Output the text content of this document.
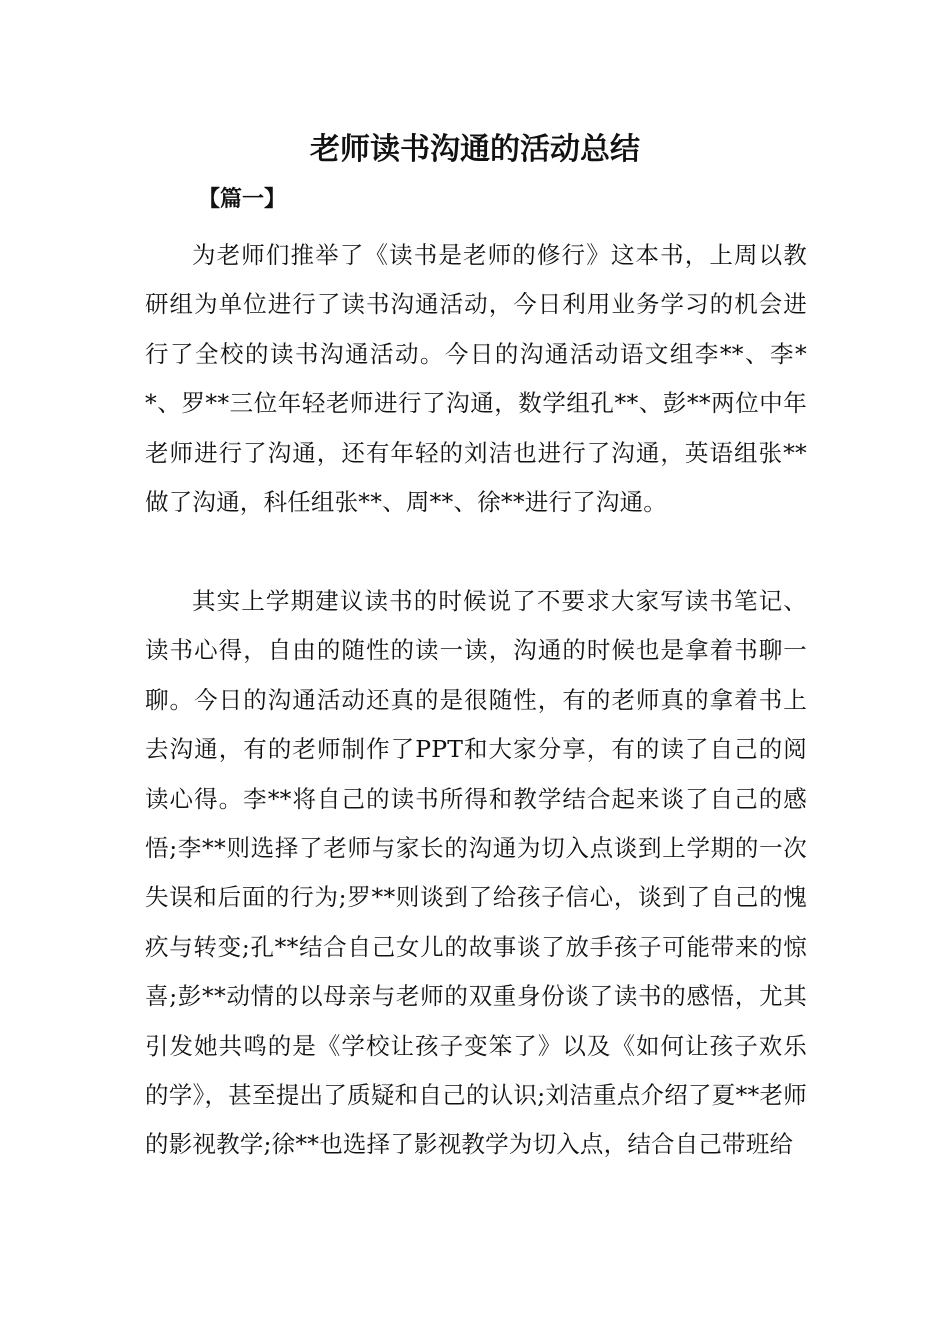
老师读书沟通的活动总结

【篇一】

为老师们推举了《读书是老师的修行》这本书，上周以教研组为单位进行了读书沟通活动，今日利用业务学习的机会进行了全校的读书沟通活动。今日的沟通活动语文组李**、李**、罗**三位年轻老师进行了沟通，数学组孔**、彭**两位中年老师进行了沟通，还有年轻的刘洁也进行了沟通，英语组张**做了沟通，科任组张**、周**、徐**进行了沟通。

其实上学期建议读书的时候说了不要求大家写读书笔记、读书心得，自由的随性的读一读，沟通的时候也是拿着书聊一聊。今日的沟通活动还真的是很随性，有的老师真的拿着书上去沟通，有的老师制作了PPT和大家分享，有的读了自己的阅读心得。李**将自己的读书所得和教学结合起来谈了自己的感悟;李**则选择了老师与家长的沟通为切入点谈到上学期的一次失误和后面的行为;罗**则谈到了给孩子信心，谈到了自己的愧疚与转变;孔**结合自己女儿的故事谈了放手孩子可能带来的惊喜;彭**动情的以母亲与老师的双重身份谈了读书的感悟，尤其引发她共鸣的是《学校让孩子变笨了》以及《如何让孩子欢乐的学》，甚至提出了质疑和自己的认识;刘洁重点介绍了夏**老师的影视教学;徐**也选择了影视教学为切入点，结合自己带班给
